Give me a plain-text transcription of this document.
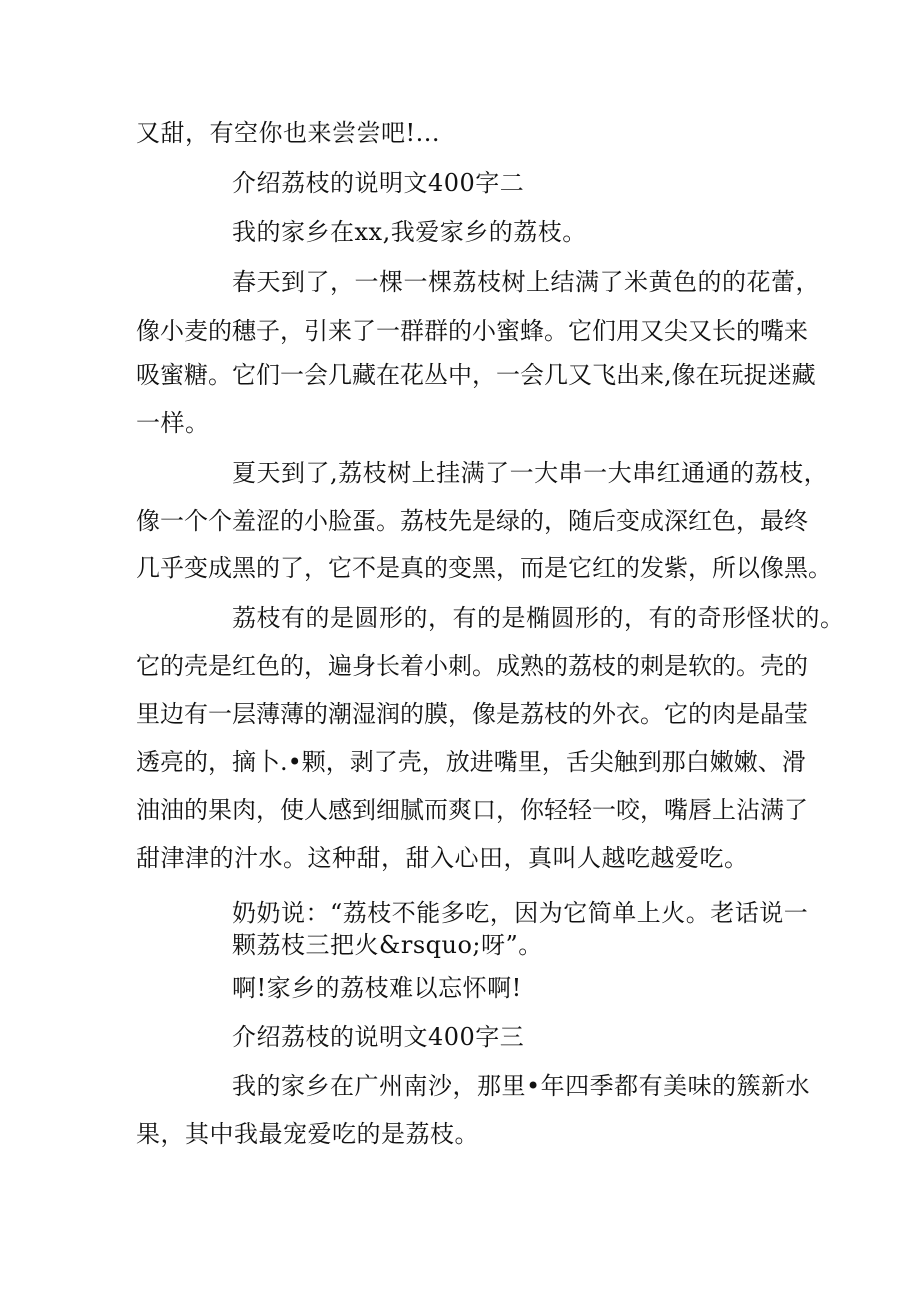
又甜，有空你也来尝尝吧!...

介绍荔枝的说明文400字二

我的家乡在xx,我爱家乡的荔枝。

春天到了，一棵一棵荔枝树上结满了米黄色的的花蕾，

像小麦的穗子，引来了一群群的小蜜蜂。它们用又尖又长的嘴来

吸蜜糖。它们一会几藏在花丛中，一会几又飞出来,像在玩捉迷藏

一样。

夏天到了,荔枝树上挂满了一大串一大串红通通的荔枝，

像一个个羞涩的小脸蛋。荔枝先是绿的，随后变成深红色，最终

几乎变成黑的了，它不是真的变黑，而是它红的发紫，所以像黑。

荔枝有的是圆形的，有的是椭圆形的，有的奇形怪状的。

它的壳是红色的，遍身长着小刺。成熟的荔枝的刺是软的。壳的

里边有一层薄薄的潮湿润的膜，像是荔枝的外衣。它的肉是晶莹

透亮的，摘卜.•颗，剥了壳，放进嘴里，舌尖触到那白嫩嫩、滑

油油的果肉，使人感到细腻而爽口，你轻轻一咬，嘴唇上沾满了

甜津津的汁水。这种甜，甜入心田，真叫人越吃越爱吃。

奶奶说：“荔枝不能多吃，因为它简单上火。老话说一

颗荔枝三把火&rsquo;呀”。

啊!家乡的荔枝难以忘怀啊!

介绍荔枝的说明文400字三

我的家乡在广州南沙，那里•年四季都有美味的簇新水

果，其中我最宠爱吃的是荔枝。
